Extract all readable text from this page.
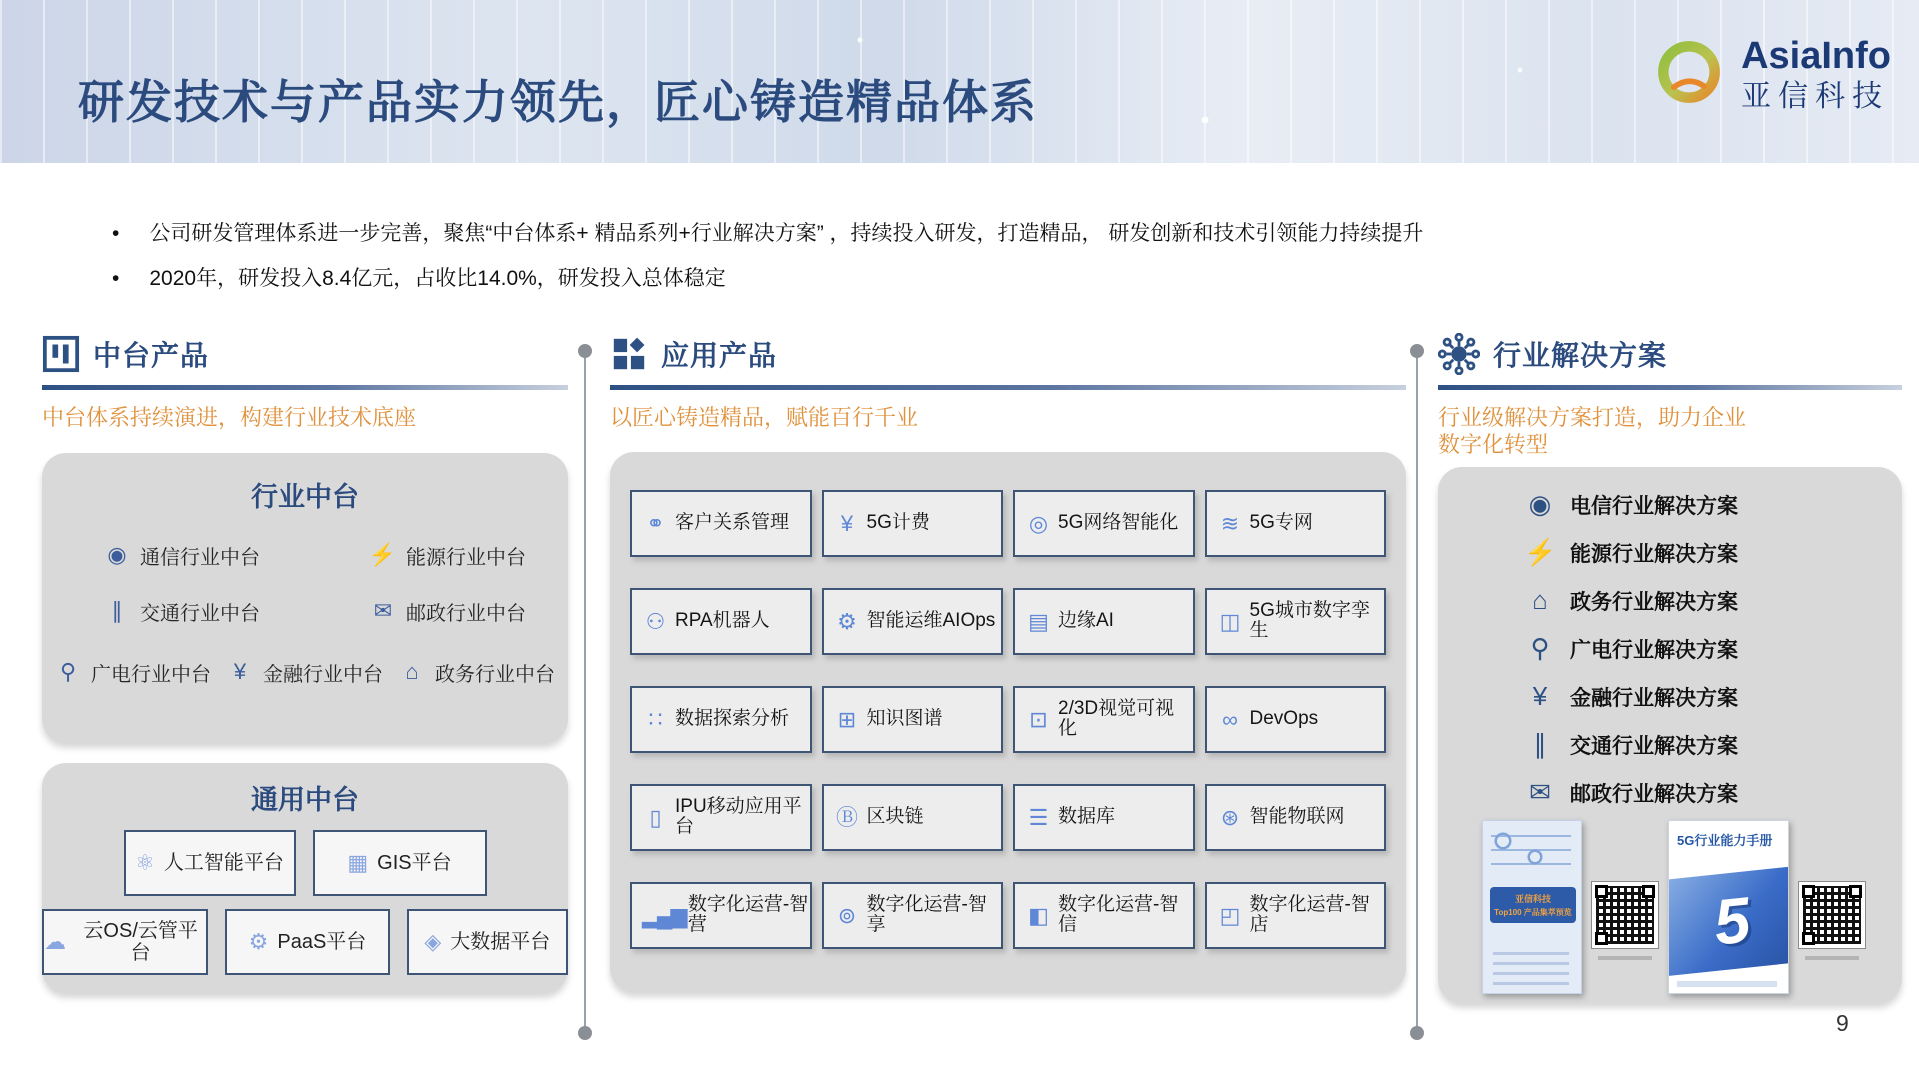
研发技术与产品实力领先，匠心铸造精品体系
AsiaInfo
亚信科技
• 公司研发管理体系进一步完善，聚焦“中台体系+ 精品系列+行业解决方案” ，持续投入研发，打造精品， 研发创新和技术引领能力持续提升
• 2020年，研发投入8.4亿元，占收比14.0%，研发投入总体稳定
中台产品
中台体系持续演进，构建行业技术底座
行业中台
◉ 通信行业中台	⚡ 能源行业中台
∥ 交通行业中台	✉ 邮政行业中台
⚲ 广电行业中台	¥ 金融行业中台 ⌂ 政务行业中台
通用中台
⚛ 人工智能平台	▦ GIS平台
☁ 云OS/云管平台	⚙ PaaS平台	◈ 大数据平台
应用产品
以匠心铸造精品，赋能百行千业
⚭ 客户关系管理	¥ 5G计费	◎ 5G网络智能化 ≋ 5G专网
⚇ RPA机器人	⚙ 智能运维AIOps ▤ 边缘AI	◫ 5G城市数字孪生
∷ 数据探索分析 ⊞ 知识图谱	⊡ 2/3D视觉可视化	∞ DevOps
▯ IPU移动应用平台	Ⓑ 区块链	☰ 数据库	⊛ 智能物联网
▂▄▆ 数字化运营-智营	⊚ 数字化运营-智享	◧ 数字化运营-智信	◰ 数字化运营-智店
行业解决方案
行业级解决方案打造，助力企业
数字化转型
◉ 电信行业解决方案
⚡ 能源行业解决方案
⌂	政务行业解决方案
⚲ 广电行业解决方案
¥	金融行业解决方案
∥	交通行业解决方案
✉ 邮政行业解决方案
亚信科技
Top100 产品集萃预览
5G行业能力手册
5
9
